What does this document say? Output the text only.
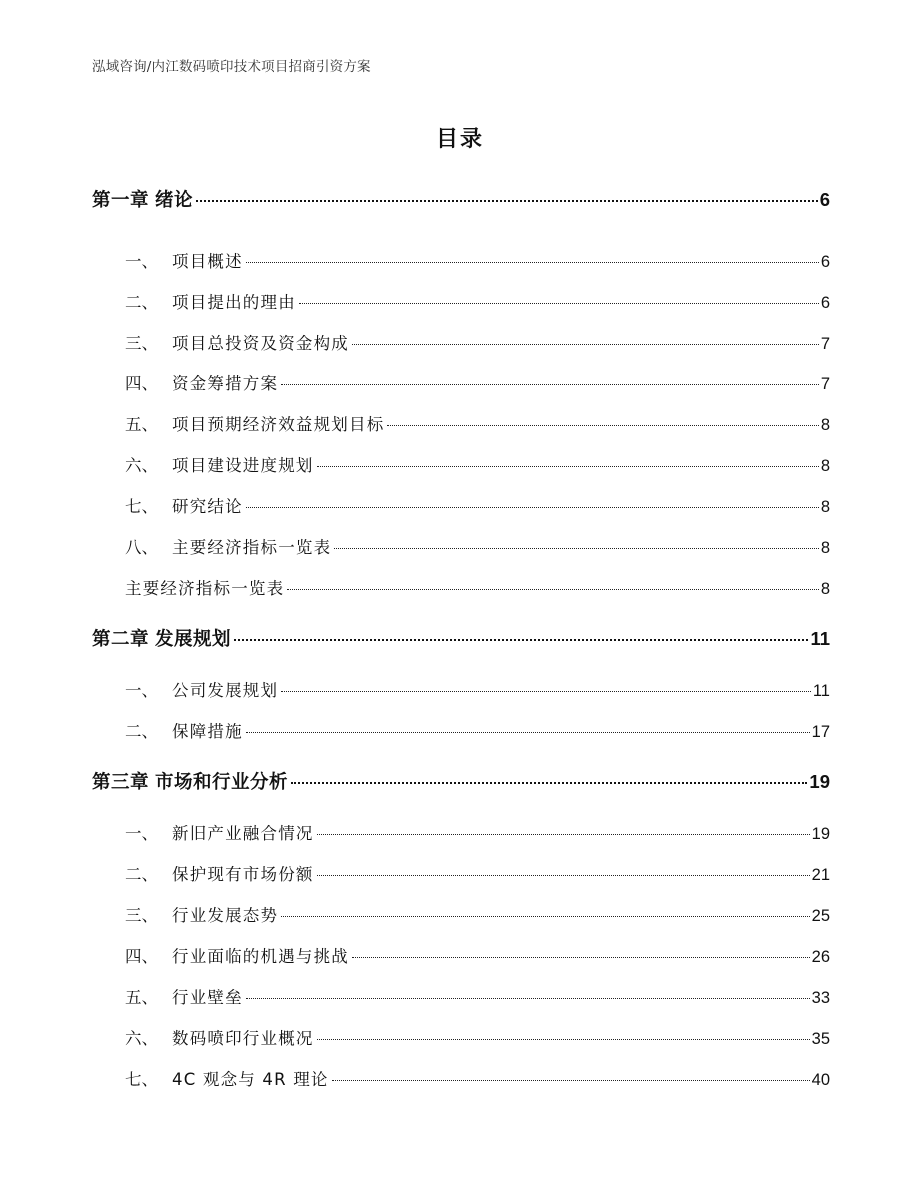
泓域咨询/内江数码喷印技术项目招商引资方案
目录
第一章 绪论	6
一、 项目概述	6
二、 项目提出的理由	6
三、 项目总投资及资金构成	7
四、 资金筹措方案	7
五、 项目预期经济效益规划目标	8
六、 项目建设进度规划	8
七、 研究结论	8
八、 主要经济指标一览表	8
主要经济指标一览表	8
第二章 发展规划	11
一、 公司发展规划	11
二、 保障措施	17
第三章 市场和行业分析	19
一、 新旧产业融合情况	19
二、 保护现有市场份额	21
三、 行业发展态势	25
四、 行业面临的机遇与挑战	26
五、 行业壁垒	33
六、 数码喷印行业概况	35
七、 4C 观念与 4R 理论	40
